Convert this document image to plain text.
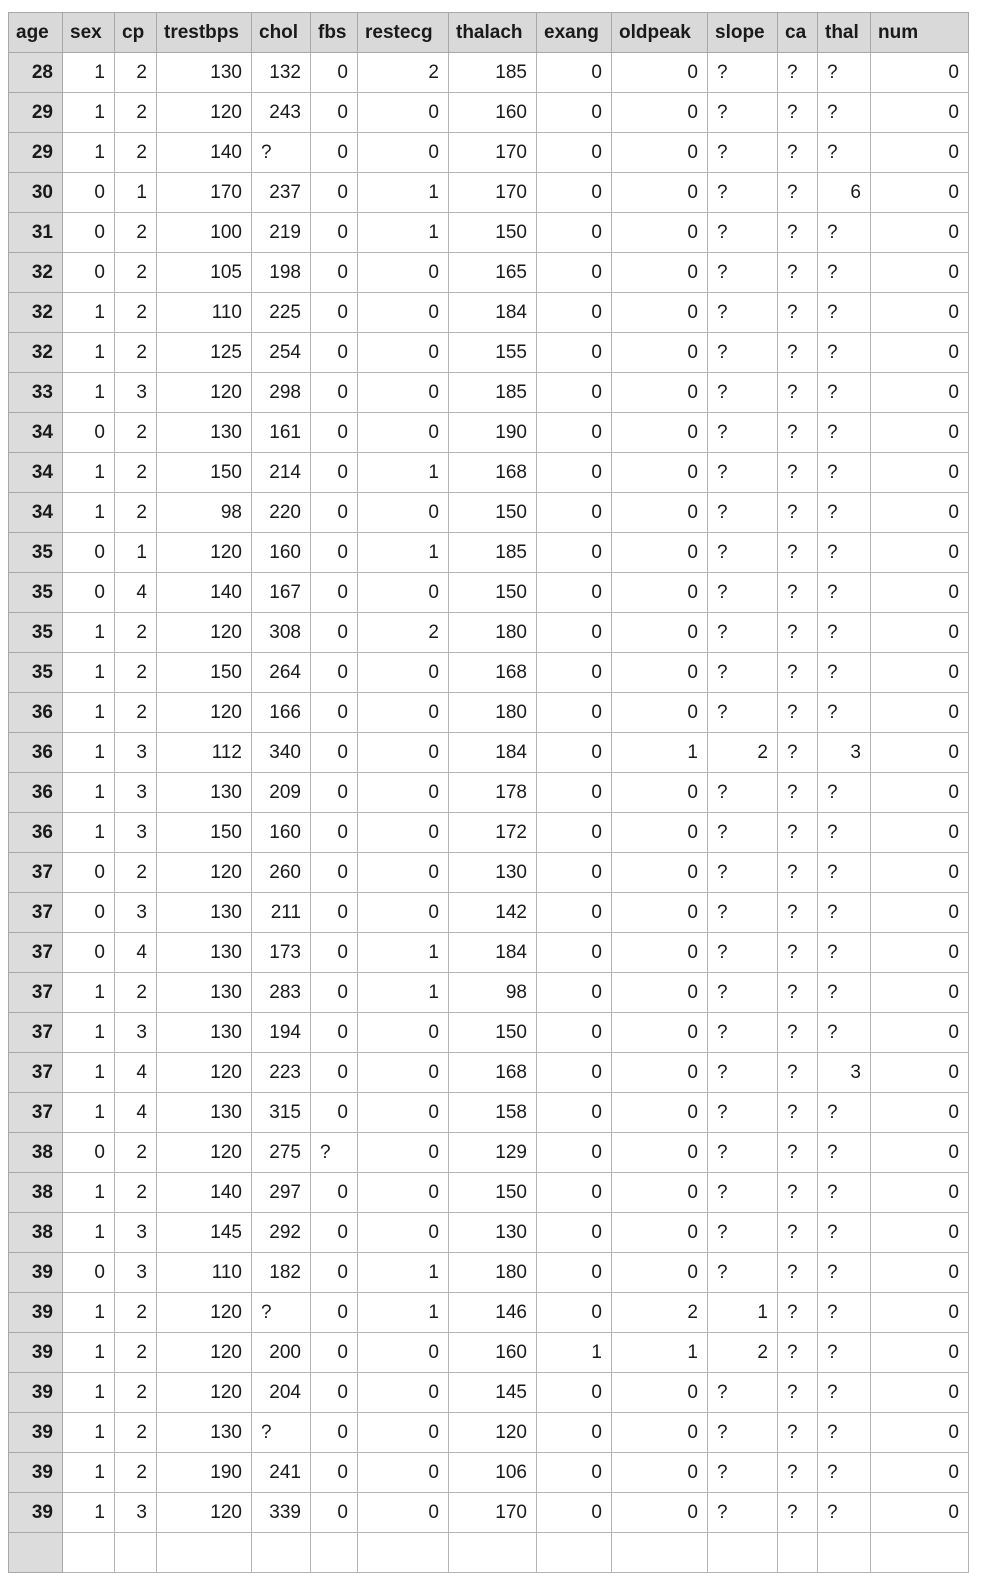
age	sex	cp	trestbps	chol	fbs	restecg	thalach	exang	oldpeak	slope	ca	thal	num
28	1	2	130	132	0	2	185	0	0	?	?	?	0
29	1	2	120	243	0	0	160	0	0	?	?	?	0
29	1	2	140	?	0	0	170	0	0	?	?	?	0
30	0	1	170	237	0	1	170	0	0	?	?	6	0
31	0	2	100	219	0	1	150	0	0	?	?	?	0
32	0	2	105	198	0	0	165	0	0	?	?	?	0
32	1	2	110	225	0	0	184	0	0	?	?	?	0
32	1	2	125	254	0	0	155	0	0	?	?	?	0
33	1	3	120	298	0	0	185	0	0	?	?	?	0
34	0	2	130	161	0	0	190	0	0	?	?	?	0
34	1	2	150	214	0	1	168	0	0	?	?	?	0
34	1	2	98	220	0	0	150	0	0	?	?	?	0
35	0	1	120	160	0	1	185	0	0	?	?	?	0
35	0	4	140	167	0	0	150	0	0	?	?	?	0
35	1	2	120	308	0	2	180	0	0	?	?	?	0
35	1	2	150	264	0	0	168	0	0	?	?	?	0
36	1	2	120	166	0	0	180	0	0	?	?	?	0
36	1	3	112	340	0	0	184	0	1	2	?	3	0
36	1	3	130	209	0	0	178	0	0	?	?	?	0
36	1	3	150	160	0	0	172	0	0	?	?	?	0
37	0	2	120	260	0	0	130	0	0	?	?	?	0
37	0	3	130	211	0	0	142	0	0	?	?	?	0
37	0	4	130	173	0	1	184	0	0	?	?	?	0
37	1	2	130	283	0	1	98	0	0	?	?	?	0
37	1	3	130	194	0	0	150	0	0	?	?	?	0
37	1	4	120	223	0	0	168	0	0	?	?	3	0
37	1	4	130	315	0	0	158	0	0	?	?	?	0
38	0	2	120	275	?	0	129	0	0	?	?	?	0
38	1	2	140	297	0	0	150	0	0	?	?	?	0
38	1	3	145	292	0	0	130	0	0	?	?	?	0
39	0	3	110	182	0	1	180	0	0	?	?	?	0
39	1	2	120	?	0	1	146	0	2	1	?	?	0
39	1	2	120	200	0	0	160	1	1	2	?	?	0
39	1	2	120	204	0	0	145	0	0	?	?	?	0
39	1	2	130	?	0	0	120	0	0	?	?	?	0
39	1	2	190	241	0	0	106	0	0	?	?	?	0
39	1	3	120	339	0	0	170	0	0	?	?	?	0
